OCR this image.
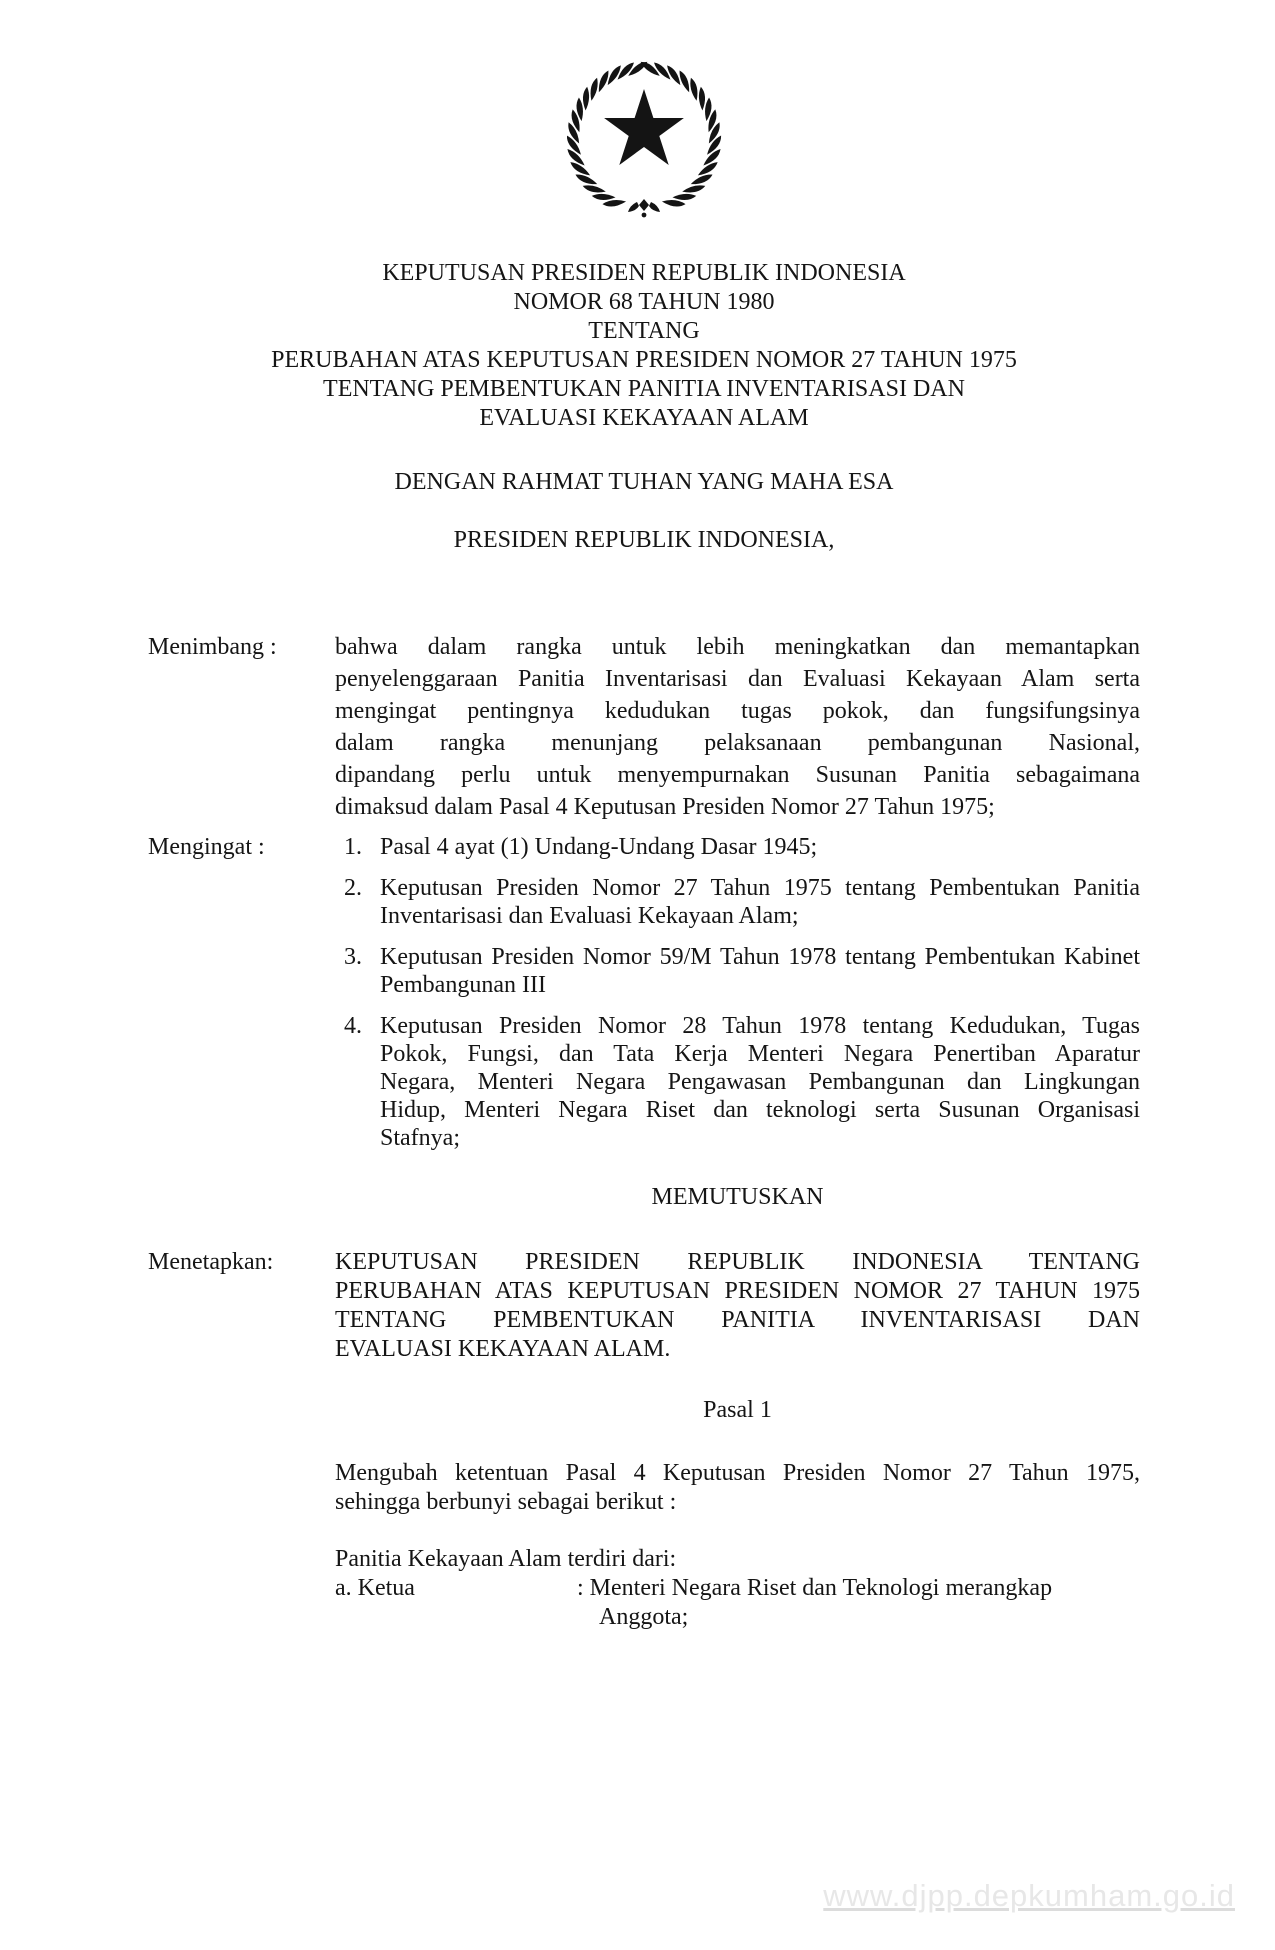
KEPUTUSAN PRESIDEN REPUBLIK INDONESIA
NOMOR 68 TAHUN 1980
TENTANG
PERUBAHAN ATAS KEPUTUSAN PRESIDEN NOMOR 27 TAHUN 1975
TENTANG PEMBENTUKAN PANITIA INVENTARISASI DAN
EVALUASI KEKAYAAN ALAM
DENGAN RAHMAT TUHAN YANG MAHA ESA
PRESIDEN REPUBLIK INDONESIA,
Menimbang :	bahwa dalam rangka untuk lebih meningkatkan dan memantapkan
penyelenggaraan Panitia Inventarisasi dan Evaluasi Kekayaan Alam serta
mengingat pentingnya kedudukan tugas pokok, dan fungsifungsinya
dalam rangka menunjang pelaksanaan pembangunan Nasional,
dipandang perlu untuk menyempurnakan Susunan Panitia sebagaimana
dimaksud dalam Pasal 4 Keputusan Presiden Nomor 27 Tahun 1975;
Mengingat :	1. Pasal 4 ayat (1) Undang-Undang Dasar 1945;
2. Keputusan Presiden Nomor 27 Tahun 1975 tentang Pembentukan Panitia
Inventarisasi dan Evaluasi Kekayaan Alam;
3. Keputusan Presiden Nomor 59/M Tahun 1978 tentang Pembentukan Kabinet
Pembangunan III
4. Keputusan Presiden Nomor 28 Tahun 1978 tentang Kedudukan, Tugas
Pokok, Fungsi, dan Tata Kerja Menteri Negara Penertiban Aparatur
Negara, Menteri Negara Pengawasan Pembangunan dan Lingkungan
Hidup, Menteri Negara Riset dan teknologi serta Susunan Organisasi
Stafnya;
MEMUTUSKAN
Menetapkan:	KEPUTUSAN PRESIDEN REPUBLIK INDONESIA TENTANG
PERUBAHAN ATAS KEPUTUSAN PRESIDEN NOMOR 27 TAHUN 1975
TENTANG PEMBENTUKAN PANITIA INVENTARISASI DAN
EVALUASI KEKAYAAN ALAM.
Pasal 1
Mengubah ketentuan Pasal 4 Keputusan Presiden Nomor 27 Tahun 1975,
sehingga berbunyi sebagai berikut :
Panitia Kekayaan Alam terdiri dari:
a. Ketua	: Menteri Negara Riset dan Teknologi merangkap
Anggota;
www.djpp.depkumham.go.id
